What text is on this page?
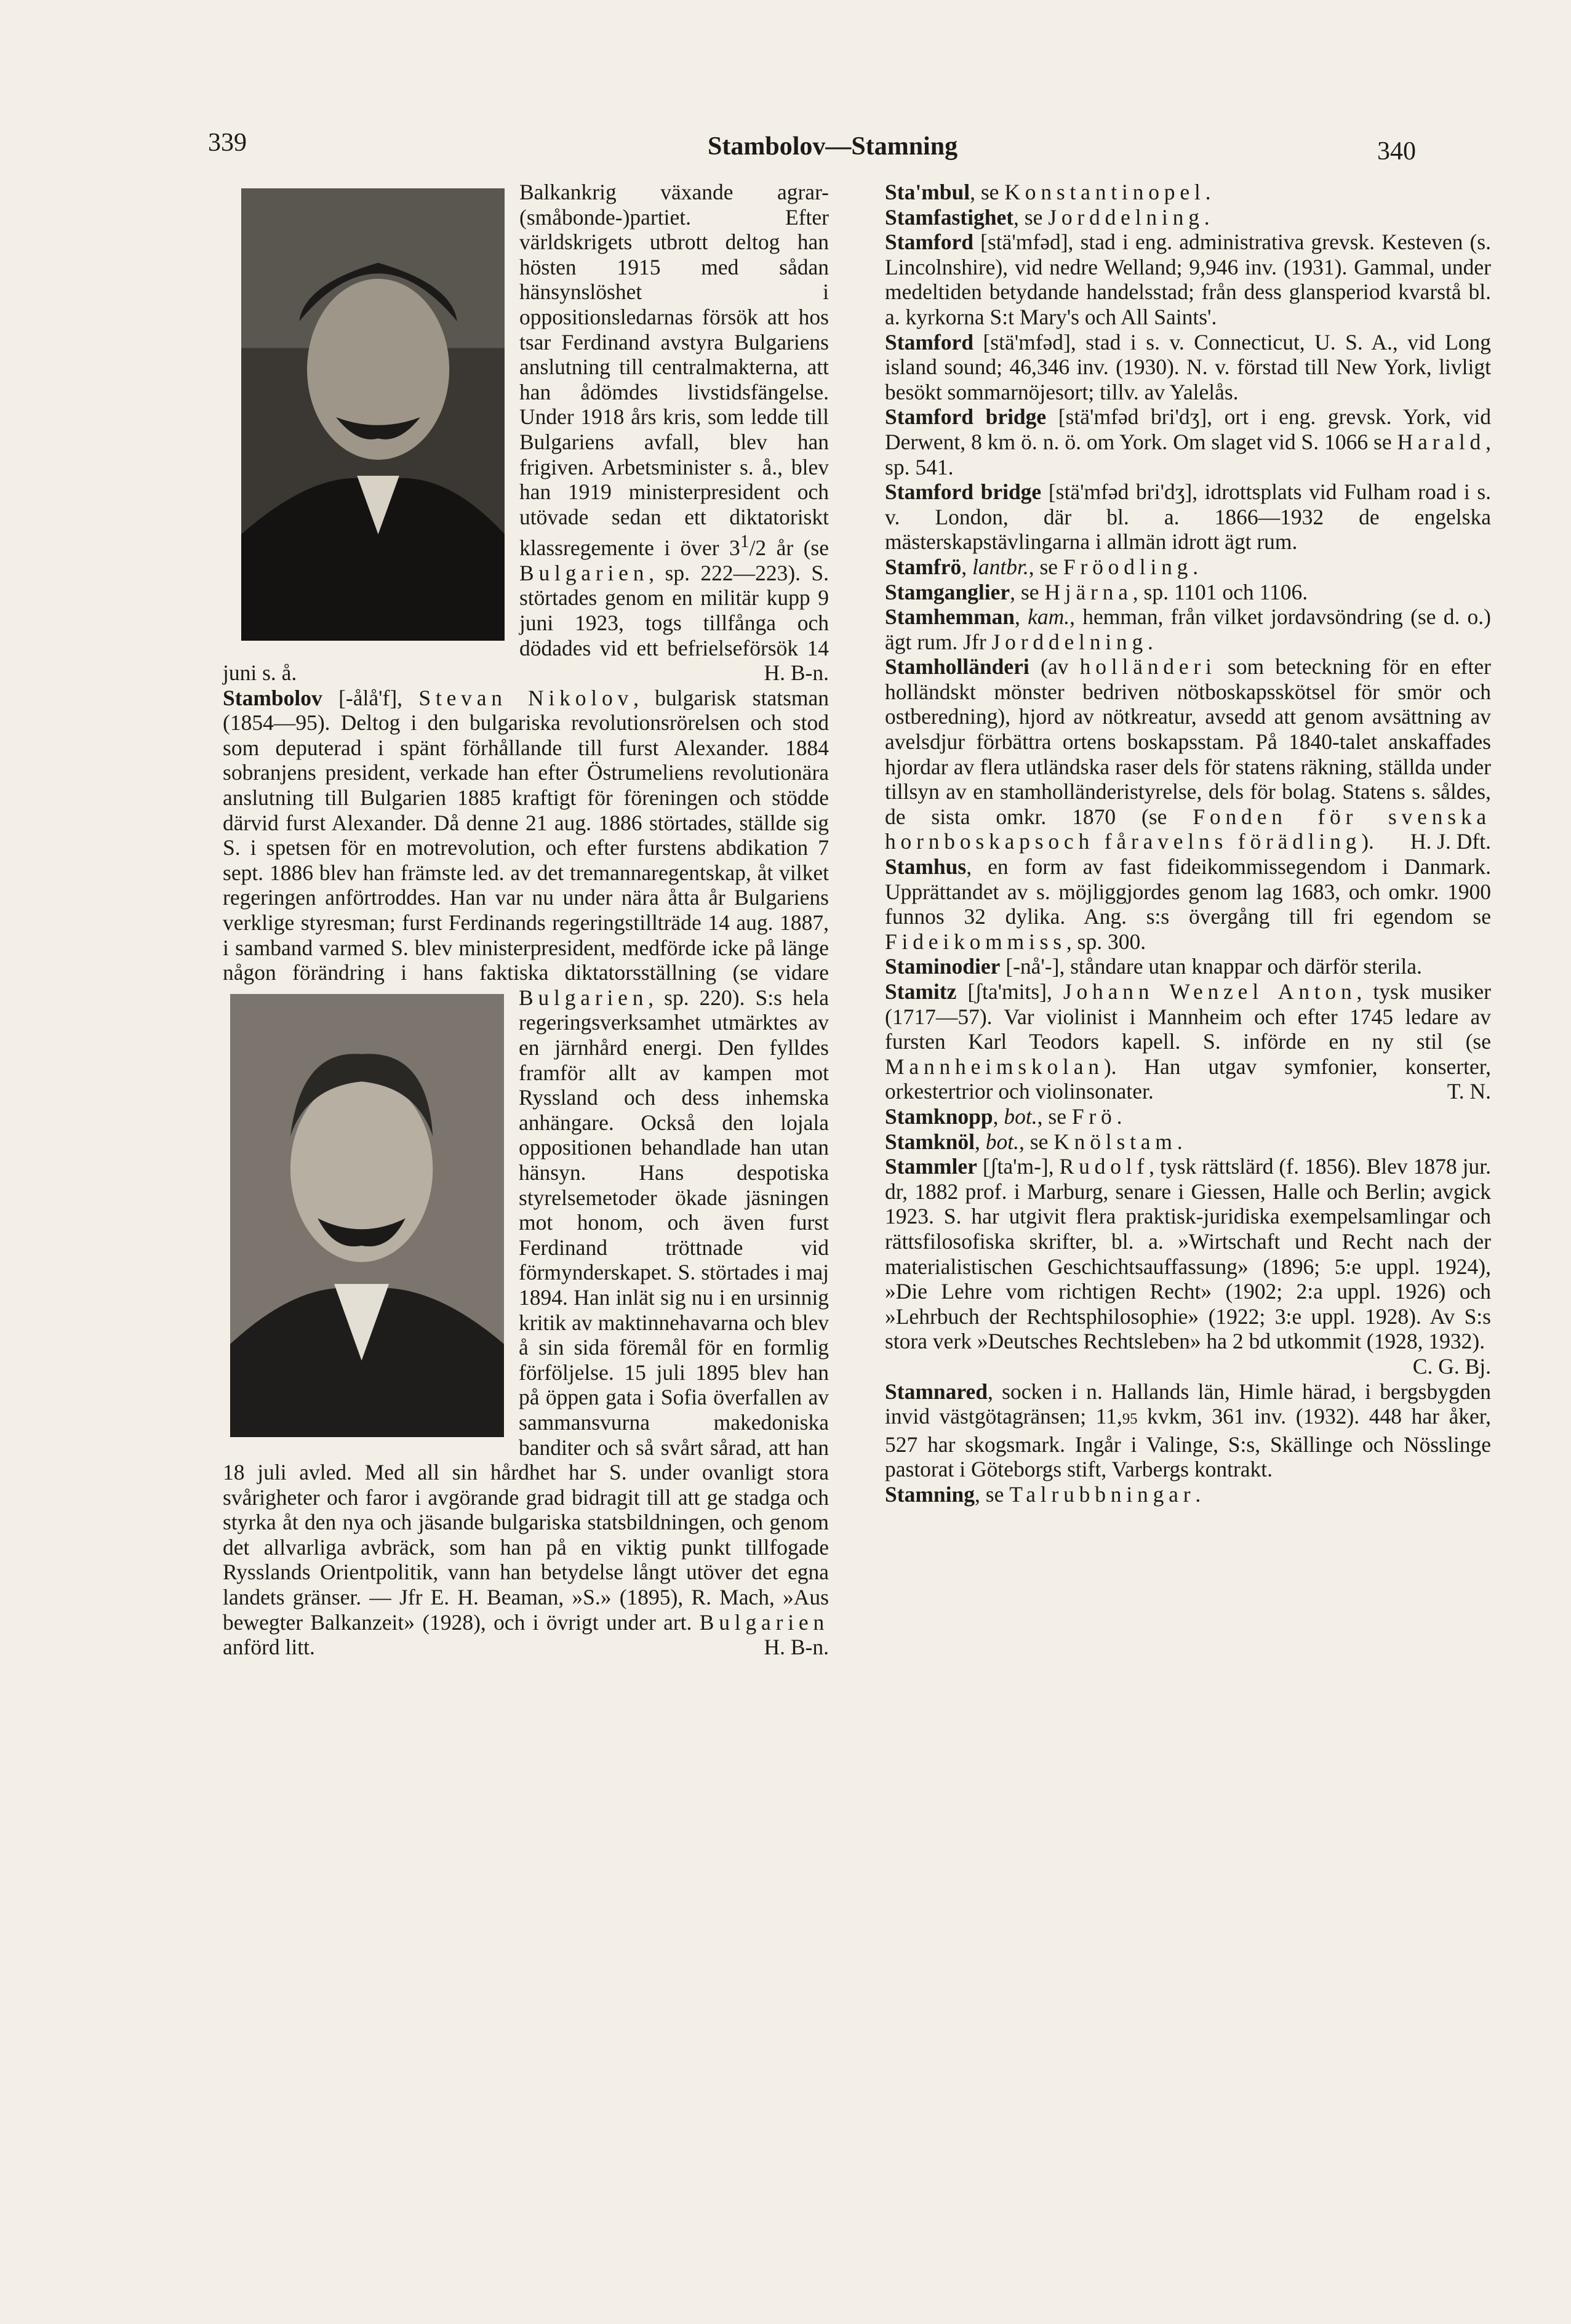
339	Stambolov—Stamning	340

Balkankrig växande agrar-(småbonde-)partiet. Efter världskrigets utbrott deltog han hösten 1915 med sådan hänsynslöshet i oppositionsledarnas försök att hos tsar Ferdinand avstyra Bulgariens anslutning till centralmakterna, att han ådömdes livstidsfängelse. Under 1918 års kris, som ledde till Bulgariens avfall, blev han frigiven. Arbetsminister s. å., blev han 1919 ministerpresident och utövade sedan ett diktatoriskt klassregemente i över $3^1/2$ år (se Bulgarien, sp. 222—223). S. störtades genom en militär kupp 9 juni 1923, togs tillfånga och dödades vid ett befrielseförsök 14 juni s. å.	H. B-n.

Stambolov [-ålå'f], Stevan Nikolov, bulgarisk statsman (1854—95). Deltog i den bulgariska revolutionsrörelsen och stod som deputerad i spänt förhållande till furst Alexander. 1884 sobranjens president, verkade han efter Östrumeliens revolutionära anslutning till Bulgarien 1885 kraftigt för föreningen och stödde därvid furst Alexander. Då denne 21 aug. 1886 störtades, ställde sig S. i spetsen för en motrevolution, och efter furstens abdikation 7 sept. 1886 blev han främste led. av det tremannaregentskap, åt vilket regeringen anförtroddes. Han var nu under nära åtta år Bulgariens verklige styresman; furst Ferdinands regeringstillträde 14 aug. 1887, i samband varmed S. blev ministerpresident, medförde icke på länge någon förändring i hans faktiska diktatorsställning (se vidare
Bulgarien, sp. 220). S:s hela regeringsverksamhet utmärktes av en järnhård energi. Den fylldes framför allt av kampen mot Ryssland och dess inhemska anhängare. Också den lojala oppositionen behandlade han utan hänsyn. Hans despotiska styrelsemetoder ökade jäsningen mot honom, och även furst Ferdinand tröttnade vid förmynderskapet. S. störtades i maj 1894. Han inlät sig nu i en ursinnig kritik av maktinnehavarna och blev å sin sida föremål för en formlig förföljelse. 15 juli 1895 blev han på öppen gata i Sofia överfallen av sammansvurna makedoniska banditer och så svårt sårad, att han 18 juli avled. Med all sin hårdhet har S. under ovanligt stora svårigheter och faror i avgörande grad bidragit till att ge stadga och styrka åt den nya och jäsande bulgariska statsbildningen, och genom det allvarliga avbräck, som han på en viktig punkt tillfogade Rysslands Orientpolitik, vann han betydelse långt utöver det egna landets gränser. — Jfr E. H. Beaman, »S.» (1895), R. Mach, »Aus bewegter Balkanzeit» (1928), och i övrigt under art. Bulgarien anförd litt.	H. B-n.

Sta'mbul, se Konstantinopel.

Stamfastighet, se Jorddelning.

Stamford [stä'mfəd], stad i eng. administrativa grevsk. Kesteven (s. Lincolnshire), vid nedre Welland; 9,946 inv. (1931). Gammal, under medeltiden betydande handelsstad; från dess glansperiod kvarstå bl. a. kyrkorna S:t Mary's och All Saints'.

Stamford [stä'mfəd], stad i s. v. Connecticut, U. S. A., vid Long island sound; 46,346 inv. (1930). N. v. förstad till New York, livligt besökt sommarnöjesort; tillv. av Yalelås.

Stamford bridge [stä'mfəd bri'dʒ], ort i eng. grevsk. York, vid Derwent, 8 km ö. n. ö. om York. Om slaget vid S. 1066 se Harald, sp. 541.

Stamford bridge [stä'mfəd bri'dʒ], idrottsplats vid Fulham road i s. v. London, där bl. a. 1866—1932 de engelska mästerskapstävlingarna i allmän idrott ägt rum.

Stamfrö, lantbr., se Fröodling.

Stamganglier, se Hjärna, sp. 1101 och 1106.

Stamhemman, kam., hemman, från vilket jordavsöndring (se d. o.) ägt rum. Jfr Jorddelning.

Stamholländeri (av holländeri som beteckning för en efter holländskt mönster bedriven nötboskapsskötsel för smör och ostberedning), hjord av nötkreatur, avsedd att genom avsättning av avelsdjur förbättra ortens boskapsstam. På 1840-talet anskaffades hjordar av flera utländska raser dels för statens räkning, ställda under tillsyn av en stamholländeristyrelse, dels för bolag. Statens s. såldes, de sista omkr. 1870 (se Fonden för svenska hornboskapsoch fåravelns förädling). H. J. Dft.

Stamhus, en form av fast fideikommissegendom i Danmark. Upprättandet av s. möjliggjordes genom lag 1683, och omkr. 1900 funnos 32 dylika. Ang. s:s övergång till fri egendom se Fideikommiss, sp. 300.

Staminodier [-nå'-], ståndare utan knappar och därför sterila.

Stamitz [ʃta'mits], Johann Wenzel Anton, tysk musiker (1717—57). Var violinist i Mannheim och efter 1745 ledare av fursten Karl Teodors kapell. S. införde en ny stil (se Mannheimskolan). Han utgav symfonier, konserter, orkestertrior och violinsonater.	T. N.

Stamknopp, bot., se Frö.

Stamknöl, bot., se Knölstam.

Stammler [ʃta'm-], Rudolf, tysk rättslärd (f. 1856). Blev 1878 jur. dr, 1882 prof. i Marburg, senare i Giessen, Halle och Berlin; avgick 1923. S. har utgivit flera praktisk-juridiska exempelsamlingar och rättsfilosofiska skrifter, bl. a. »Wirtschaft und Recht nach der materialistischen Geschichtsauffassung» (1896; 5:e uppl. 1924), »Die Lehre vom richtigen Recht» (1902; 2:a uppl. 1926) och »Lehrbuch der Rechtsphilosophie» (1922; 3:e uppl. 1928). Av S:s stora verk »Deutsches Rechtsleben» ha 2 bd utkommit (1928, 1932).
C. G. Bj.

Stamnared, socken i n. Hallands län, Himle härad, i bergsbygden invid västgötagränsen; 11,95 kvkm, 361 inv. (1932). 448 har åker, 527 har skogsmark. Ingår i Valinge, S:s, Skällinge och Nösslinge pastorat i Göteborgs stift, Varbergs kontrakt.

Stamning, se Talrubbningar.
